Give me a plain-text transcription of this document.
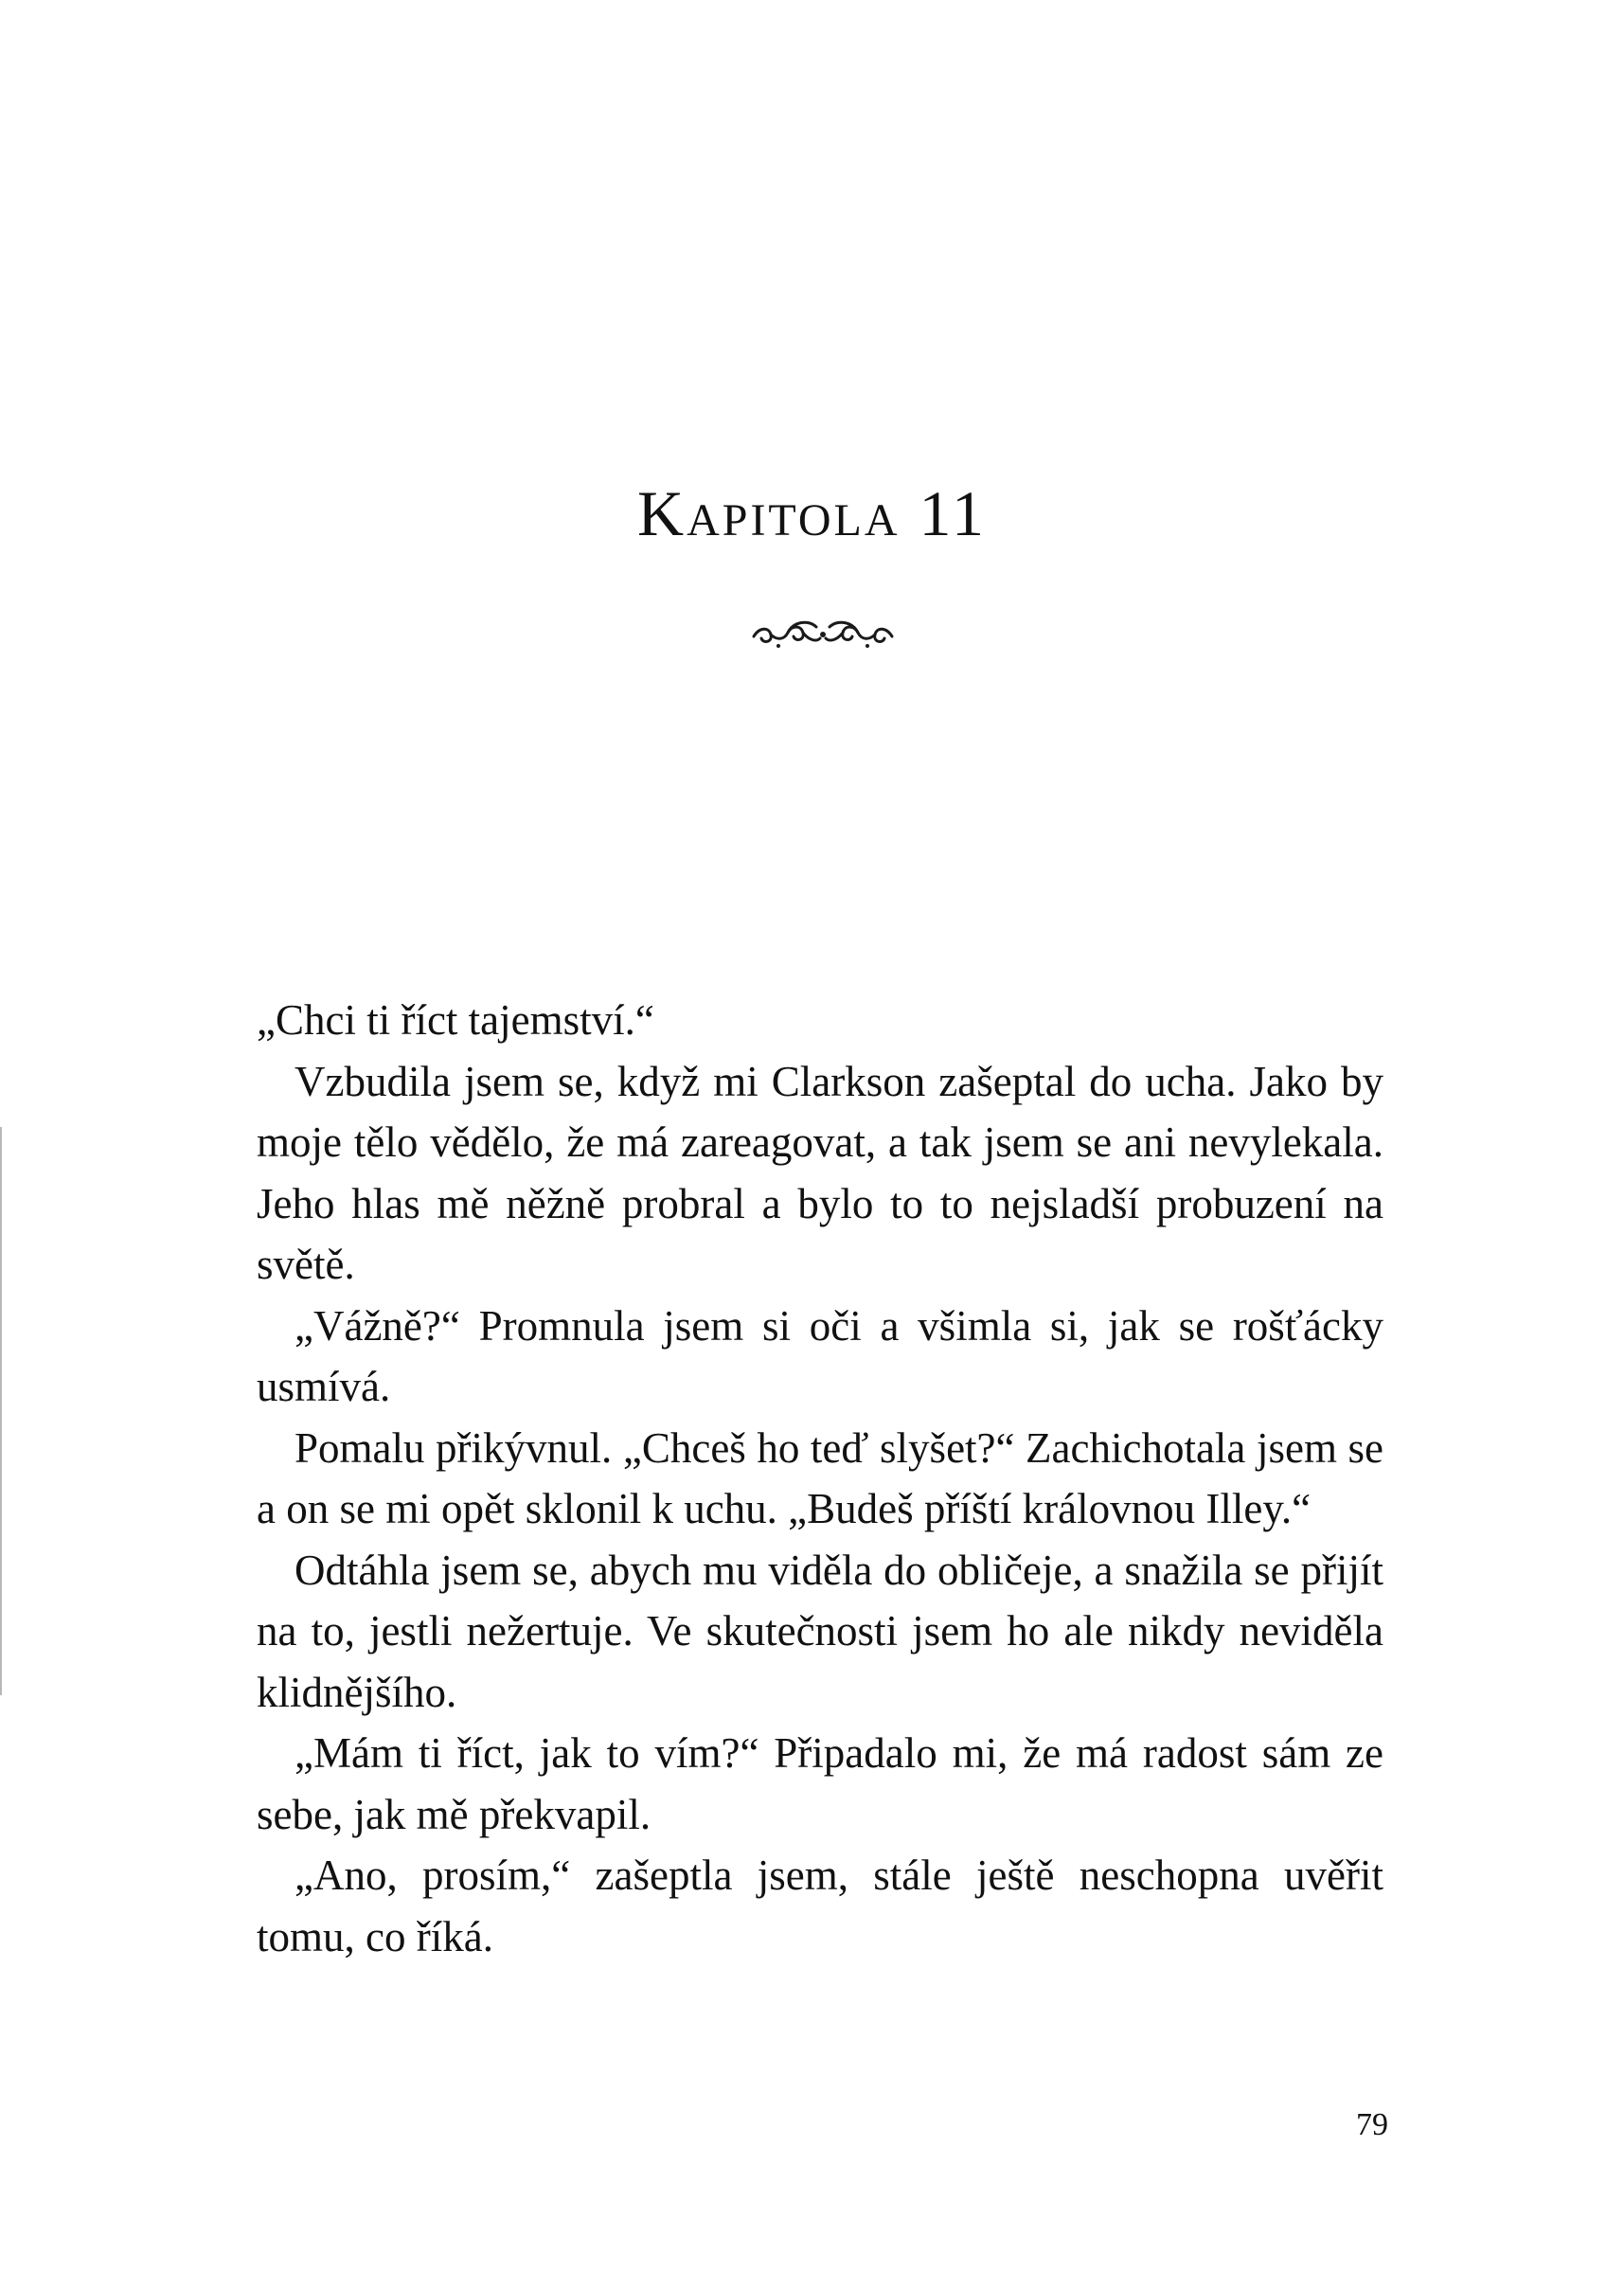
Kapitola 11

„Chci ti říct tajemství.“

Vzbudila jsem se, když mi Clarkson zašeptal do ucha. Jako by moje tělo vědělo, že má zareagovat, a tak jsem se ani nevylekala. Jeho hlas mě něžně probral a bylo to to nejsladší probuzení na světě.

„Vážně?“ Promnula jsem si oči a všimla si, jak se rošťácky usmívá.

Pomalu přikývnul. „Chceš ho teď slyšet?“ Zachichotala jsem se a on se mi opět sklonil k uchu. „Budeš příští královnou Illey.“

Odtáhla jsem se, abych mu viděla do obličeje, a snažila se přijít na to, jestli nežertuje. Ve skutečnosti jsem ho ale nikdy neviděla klidnějšího.

„Mám ti říct, jak to vím?“ Připadalo mi, že má radost sám ze sebe, jak mě překvapil.

„Ano, prosím,“ zašeptla jsem, stále ještě neschopna uvěřit tomu, co říká.

79
